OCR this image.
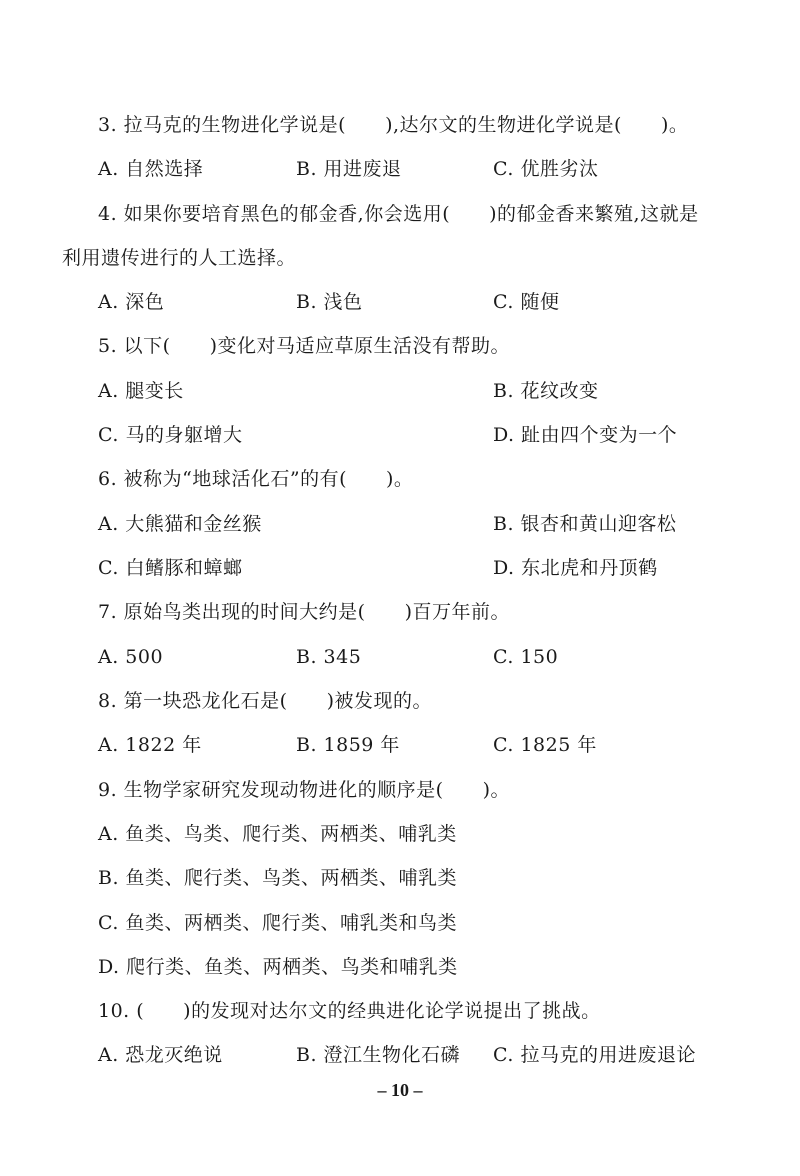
3. 拉马克的生物进化学说是(　　),达尔文的生物进化学说是(　　)。
A. 自然选择	B. 用进废退	C. 优胜劣汰
4. 如果你要培育黑色的郁金香,你会选用(　　)的郁金香来繁殖,这就是
利用遗传进行的人工选择。
A. 深色	B. 浅色	C. 随便
5. 以下(　　)变化对马适应草原生活没有帮助。
A. 腿变长	B. 花纹改变
C. 马的身躯增大	D. 趾由四个变为一个
6. 被称为“地球活化石”的有(　　)。
A. 大熊猫和金丝猴	B. 银杏和黄山迎客松
C. 白鳍豚和蟑螂	D. 东北虎和丹顶鹤
7. 原始鸟类出现的时间大约是(　　)百万年前。
A. 500	B. 345	C. 150
8. 第一块恐龙化石是(　　)被发现的。
A. 1822 年	B. 1859 年	C. 1825 年
9. 生物学家研究发现动物进化的顺序是(　　)。
A. 鱼类、鸟类、爬行类、两栖类、哺乳类
B. 鱼类、爬行类、鸟类、两栖类、哺乳类
C. 鱼类、两栖类、爬行类、哺乳类和鸟类
D. 爬行类、鱼类、两栖类、鸟类和哺乳类
10. (　　)的发现对达尔文的经典进化论学说提出了挑战。
A. 恐龙灭绝说	B. 澄江生物化石磷 C. 拉马克的用进废退论
– 10 –
